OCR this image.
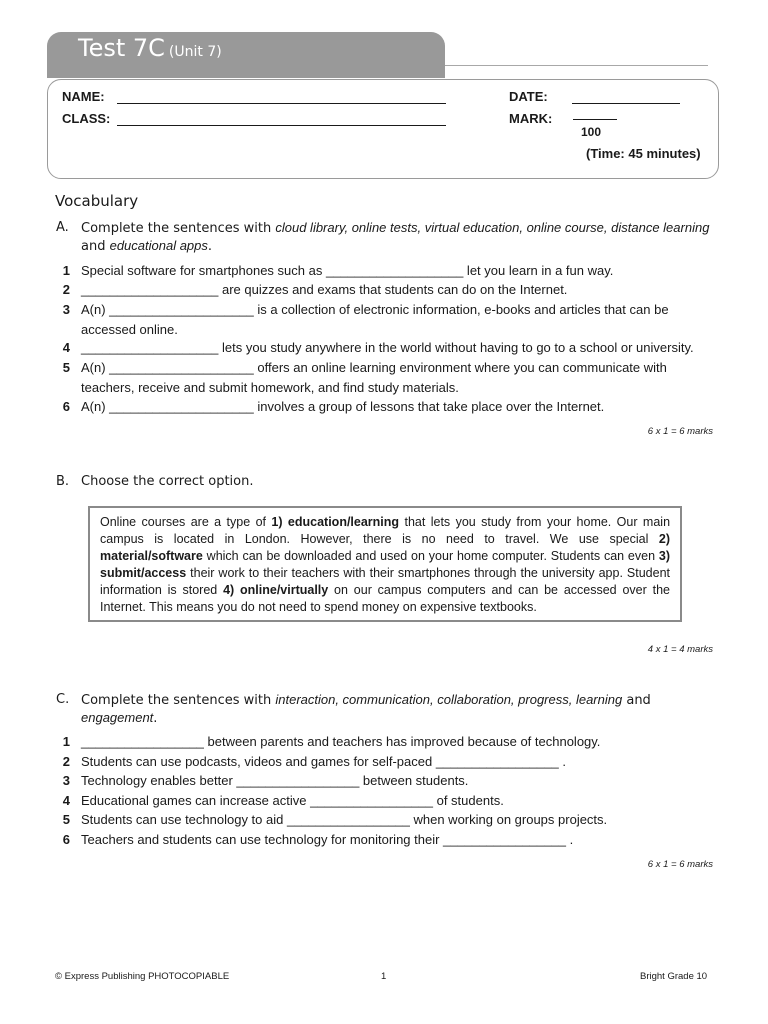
Test 7C (Unit 7)
NAME:
CLASS:
DATE:
MARK:
100
(Time: 45 minutes)
Vocabulary
A. Complete the sentences with cloud library, online tests, virtual education, online course, distance learning and educational apps.
1 Special software for smartphones such as ___________________ let you learn in a fun way.
2 ___________________ are quizzes and exams that students can do on the Internet.
3 A(n) ____________________ is a collection of electronic information, e-books and articles that can be accessed online.
4 ___________________ lets you study anywhere in the world without having to go to a school or university.
5 A(n) ____________________ offers an online learning environment where you can communicate with teachers, receive and submit homework, and find study materials.
6 A(n) ____________________ involves a group of lessons that take place over the Internet.
6 x 1 = 6 marks
B. Choose the correct option.
Online courses are a type of 1) education/learning that lets you study from your home. Our main campus is located in London. However, there is no need to travel. We use special 2) material/software which can be downloaded and used on your home computer. Students can even 3) submit/access their work to their teachers with their smartphones through the university app. Student information is stored 4) online/virtually on our campus computers and can be accessed over the Internet. This means you do not need to spend money on expensive textbooks.
4 x 1 = 4 marks
C. Complete the sentences with interaction, communication, collaboration, progress, learning and engagement.
1 _________________ between parents and teachers has improved because of technology.
2 Students can use podcasts, videos and games for self-paced _________________ .
3 Technology enables better _________________ between students.
4 Educational games can increase active _________________ of students.
5 Students can use technology to aid _________________ when working on groups projects.
6 Teachers and students can use technology for monitoring their _________________ .
6 x 1 = 6 marks
© Express Publishing PHOTOCOPIABLE	1	Bright Grade 10
